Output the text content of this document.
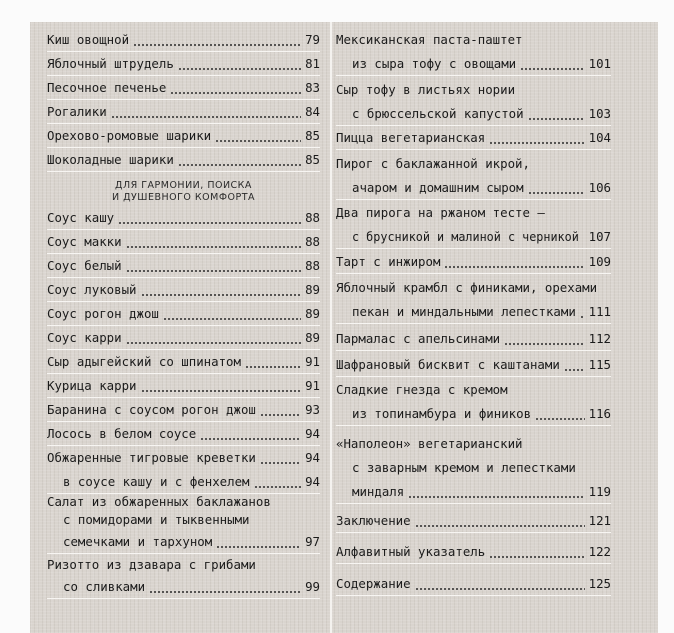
Киш овощной	79
Яблочный штрудель	81
Песочное печенье	83
Рогалики	84
Орехово-ромовые шарики	85
Шоколадные шарики	85
ДЛЯ ГАРМОНИИ, ПОИСКА
И ДУШЕВНОГО КОМФОРТА
Соус кашу	88
Соус макки	88
Соус белый	88
Соус луковый	89
Соус рогон джош	89
Соус карри	89
Сыр адыгейский со шпинатом	91
Курица карри	91
Баранина с соусом рогон джош	93
Лосось в белом соусе	94
Обжаренные тигровые креветки	94
в соусе кашу и с фенхелем	94
Салат из обжаренных баклажанов
с помидорами и тыквенными
семечками и тархуном	97
Ризотто из дзавара с грибами
со сливками	99
Мексиканская паста-паштет
из сыра тофу с овощами	101
Сыр тофу в листьях нории
с брюссельской капустой	103
Пицца вегетарианская	104
Пирог с баклажанной икрой,
ачаром и домашним сыром	106
Два пирога на ржаном тесте —
с брусникой и малиной с черникой 107
Тарт с инжиром	109
Яблочный крамбл с финиками, орехами
пекан и миндальными лепестками 111
Пармалас с апельсинами	112
Шафрановый бисквит с каштанами 115
Сладкие гнезда с кремом
из топинамбура и фиников	116
«Наполеон» вегетарианский
с заварным кремом и лепестками
миндаля	119
Заключение	121
Алфавитный указатель	122
Содержание	125
